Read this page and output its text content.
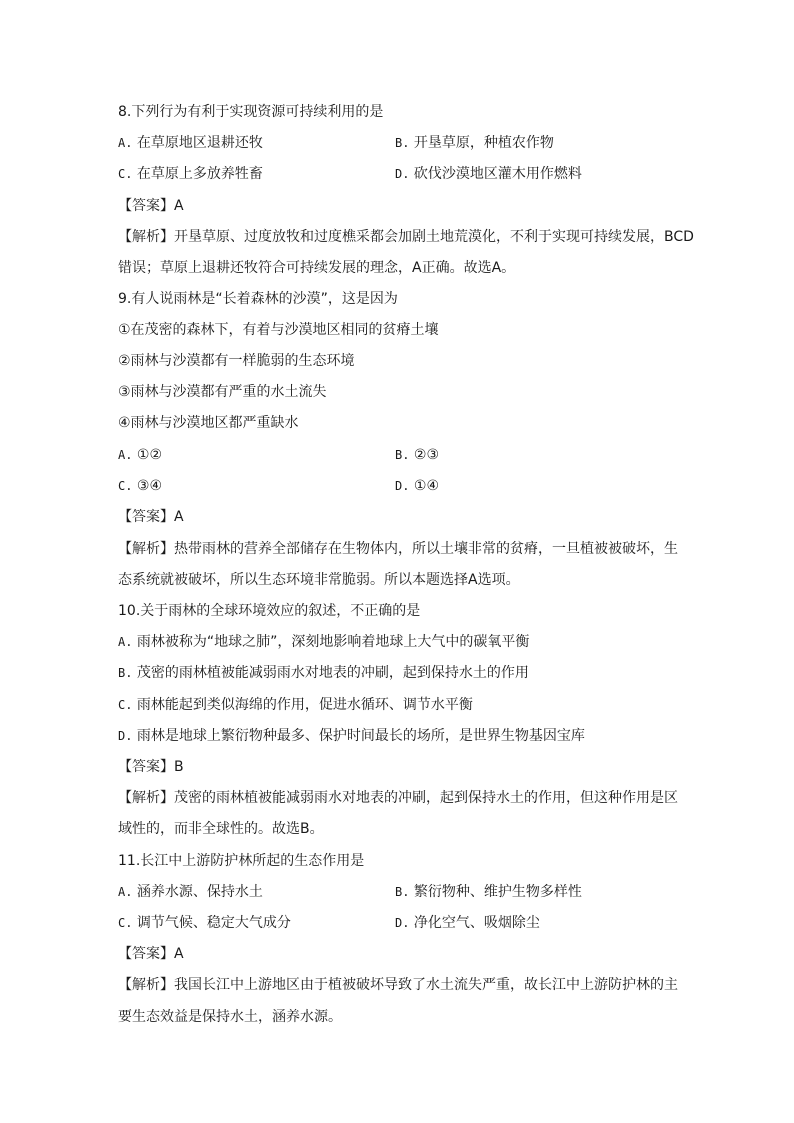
8.下列行为有利于实现资源可持续利用的是
A. 在草原地区退耕还牧	B. 开垦草原，种植农作物
C. 在草原上多放养牲畜	D. 砍伐沙漠地区灌木用作燃料
【答案】A
【解析】开垦草原、过度放牧和过度樵采都会加剧土地荒漠化，不利于实现可持续发展，BCD
错误；草原上退耕还牧符合可持续发展的理念，A正确。故选A。
9.有人说雨林是“长着森林的沙漠”，这是因为
①在茂密的森林下，有着与沙漠地区相同的贫瘠土壤
②雨林与沙漠都有一样脆弱的生态环境
③雨林与沙漠都有严重的水土流失
④雨林与沙漠地区都严重缺水
A. ①②	B. ②③
C. ③④	D. ①④
【答案】A
【解析】热带雨林的营养全部储存在生物体内，所以土壤非常的贫瘠，一旦植被被破坏，生
态系统就被破坏，所以生态环境非常脆弱。所以本题选择A选项。
10.关于雨林的全球环境效应的叙述，不正确的是
A. 雨林被称为“地球之肺”，深刻地影响着地球上大气中的碳氧平衡
B. 茂密的雨林植被能减弱雨水对地表的冲刷，起到保持水土的作用
C. 雨林能起到类似海绵的作用，促进水循环、调节水平衡
D. 雨林是地球上繁衍物种最多、保护时间最长的场所，是世界生物基因宝库
【答案】B
【解析】茂密的雨林植被能减弱雨水对地表的冲刷，起到保持水土的作用，但这种作用是区
域性的，而非全球性的。故选B。
11.长江中上游防护林所起的生态作用是
A. 涵养水源、保持水土	B. 繁衍物种、维护生物多样性
C. 调节气候、稳定大气成分	D. 净化空气、吸烟除尘
【答案】A
【解析】我国长江中上游地区由于植被破坏导致了水土流失严重，故长江中上游防护林的主
要生态效益是保持水土，涵养水源。
